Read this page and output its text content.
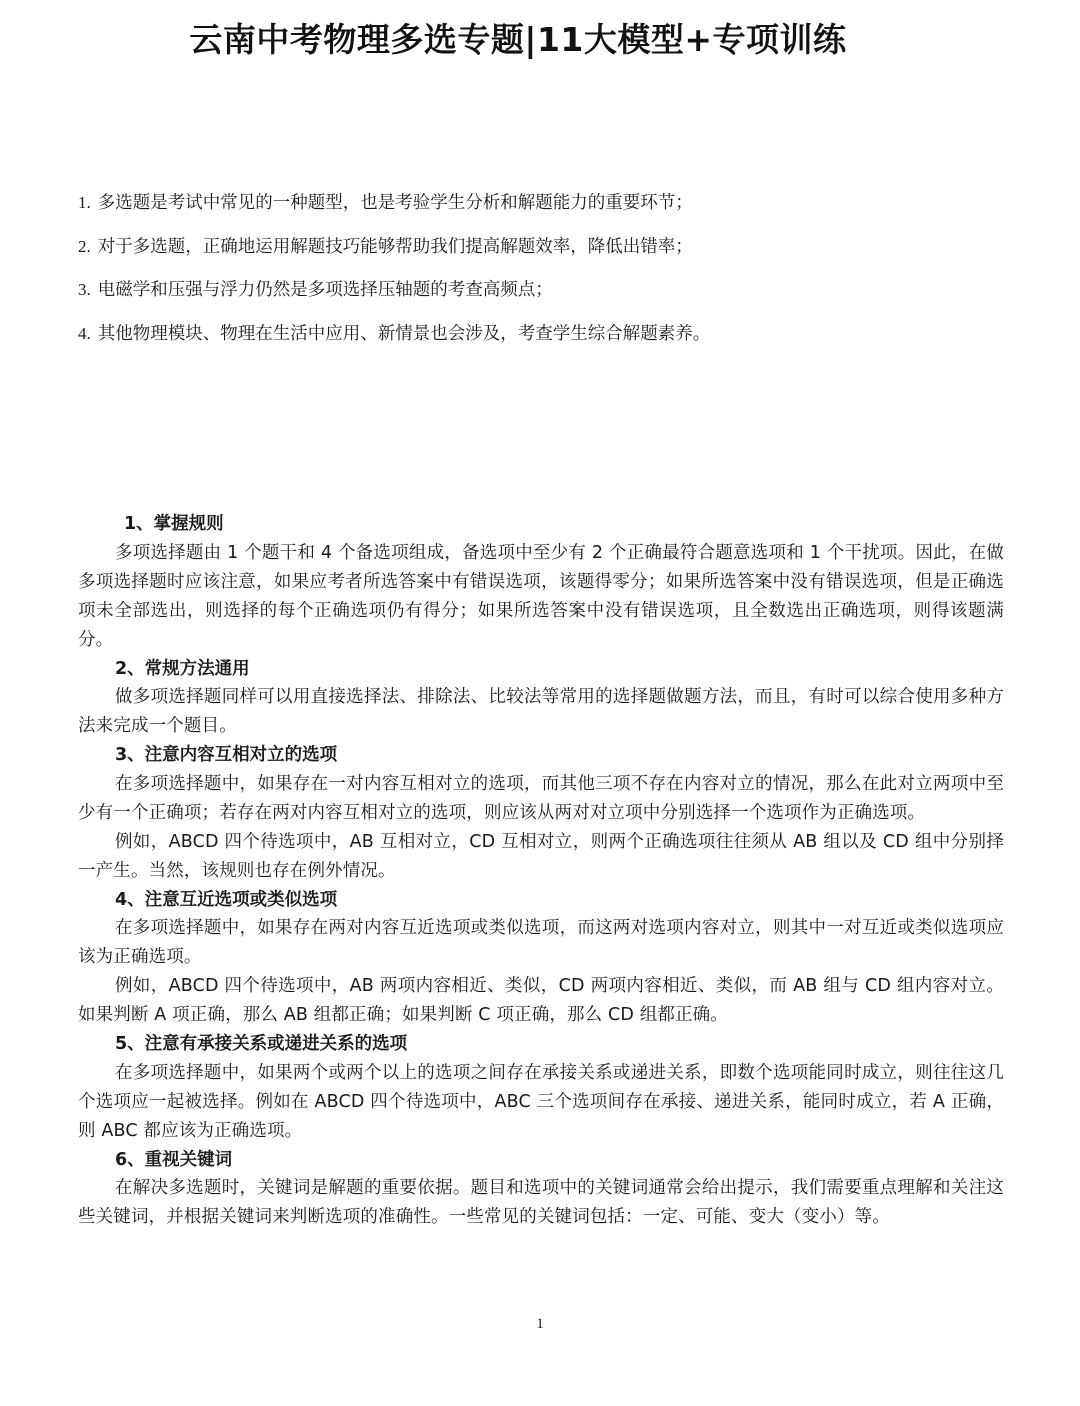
云南中考物理多选专题|11大模型+专项训练
1. 多选题是考试中常见的一种题型，也是考验学生分析和解题能力的重要环节；
2. 对于多选题，正确地运用解题技巧能够帮助我们提高解题效率，降低出错率；
3. 电磁学和压强与浮力仍然是多项选择压轴题的考查高频点；
4. 其他物理模块、物理在生活中应用、新情景也会涉及，考查学生综合解题素养。
1、掌握规则

多项选择题由 1 个题干和 4 个备选项组成，备选项中至少有 2 个正确最符合题意选项和 1 个干扰项。因此，在做多项选择题时应该注意，如果应考者所选答案中有错误选项，该题得零分；如果所选答案中没有错误选项，但是正确选项未全部选出，则选择的每个正确选项仍有得分；如果所选答案中没有错误选项，且全数选出正确选项，则得该题满分。

2、常规方法通用

做多项选择题同样可以用直接选择法、排除法、比较法等常用的选择题做题方法，而且，有时可以综合使用多种方法来完成一个题目。

3、注意内容互相对立的选项

在多项选择题中，如果存在一对内容互相对立的选项，而其他三项不存在内容对立的情况，那么在此对立两项中至少有一个正确项；若存在两对内容互相对立的选项，则应该从两对对立项中分别选择一个选项作为正确选项。

例如，ABCD 四个待选项中，AB 互相对立，CD 互相对立，则两个正确选项往往须从 AB 组以及 CD 组中分别择一产生。当然，该规则也存在例外情况。

4、注意互近选项或类似选项

在多项选择题中，如果存在两对内容互近选项或类似选项，而这两对选项内容对立，则其中一对互近或类似选项应该为正确选项。

例如，ABCD 四个待选项中，AB 两项内容相近、类似，CD 两项内容相近、类似，而 AB 组与 CD 组内容对立。如果判断 A 项正确，那么 AB 组都正确；如果判断 C 项正确，那么 CD 组都正确。

5、注意有承接关系或递进关系的选项

在多项选择题中，如果两个或两个以上的选项之间存在承接关系或递进关系，即数个选项能同时成立，则往往这几个选项应一起被选择。例如在 ABCD 四个待选项中，ABC 三个选项间存在承接、递进关系，能同时成立，若 A 正确，则 ABC 都应该为正确选项。

6、重视关键词

在解决多选题时，关键词是解题的重要依据。题目和选项中的关键词通常会给出提示，我们需要重点理解和关注这些关键词，并根据关键词来判断选项的准确性。一些常见的关键词包括：一定、可能、变大（变小）等。

1
